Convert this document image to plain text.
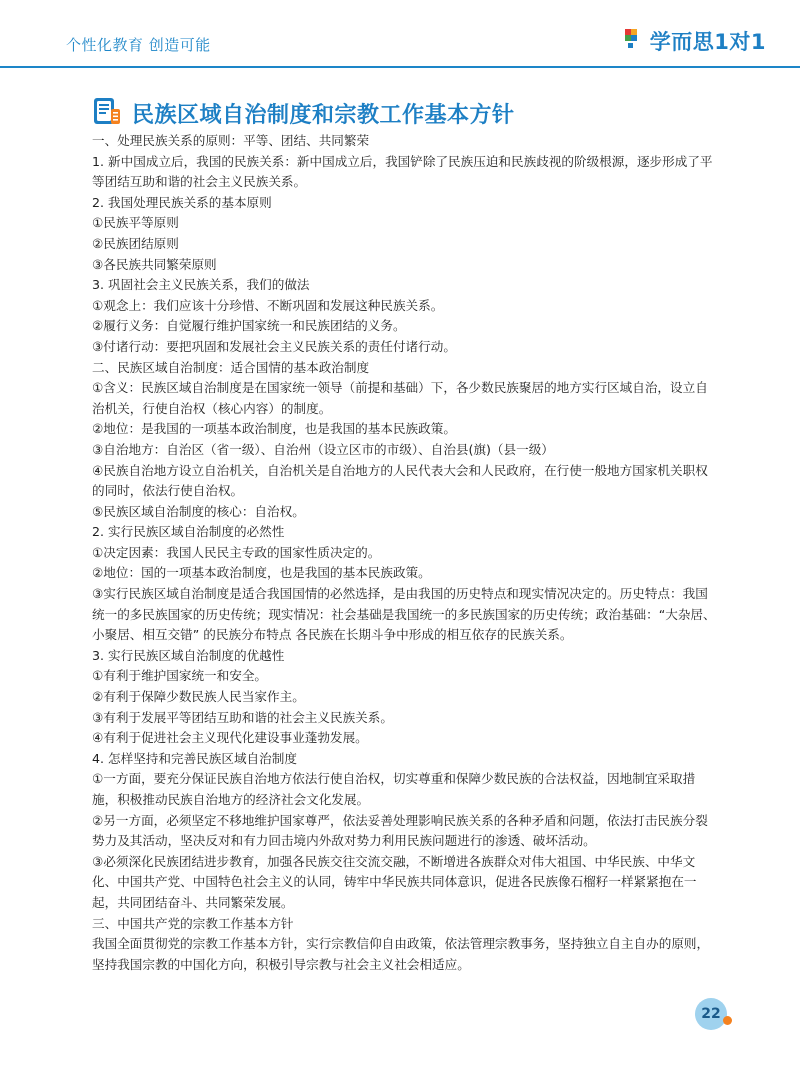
个性化教育 创造可能	学而思1对1
民族区域自治制度和宗教工作基本方针

一、处理民族关系的原则：平等、团结、共同繁荣

1. 新中国成立后，我国的民族关系：新中国成立后，我国铲除了民族压迫和民族歧视的阶级根源，逐步形成了平等团结互助和谐的社会主义民族关系。

2. 我国处理民族关系的基本原则

①民族平等原则

②民族团结原则

③各民族共同繁荣原则

3. 巩固社会主义民族关系，我们的做法

①观念上：我们应该十分珍惜、不断巩固和发展这种民族关系。

②履行义务：自觉履行维护国家统一和民族团结的义务。

③付诸行动：要把巩固和发展社会主义民族关系的责任付诸行动。

二、民族区域自治制度：适合国情的基本政治制度

①含义：民族区域自治制度是在国家统一领导（前提和基础）下，各少数民族聚居的地方实行区域自治，设立自治机关，行使自治权（核心内容）的制度。

②地位：是我国的一项基本政治制度，也是我国的基本民族政策。

③自治地方：自治区（省一级）、自治州（设立区市的市级）、自治县(旗)（县一级）

④民族自治地方设立自治机关，自治机关是自治地方的人民代表大会和人民政府，在行使一般地方国家机关职权的同时，依法行使自治权。

⑤民族区域自治制度的核心：自治权。

2. 实行民族区域自治制度的必然性

①决定因素：我国人民民主专政的国家性质决定的。

②地位：国的一项基本政治制度，也是我国的基本民族政策。

③实行民族区域自治制度是适合我国国情的必然选择，是由我国的历史特点和现实情况决定的。历史特点：我国统一的多民族国家的历史传统；现实情况：社会基础是我国统一的多民族国家的历史传统；政治基础：“大杂居、小聚居、相互交错” 的民族分布特点 各民族在长期斗争中形成的相互依存的民族关系。

3. 实行民族区域自治制度的优越性

①有利于维护国家统一和安全。

②有利于保障少数民族人民当家作主。

③有利于发展平等团结互助和谐的社会主义民族关系。

④有利于促进社会主义现代化建设事业蓬勃发展。

4. 怎样坚持和完善民族区域自治制度

①一方面，要充分保证民族自治地方依法行使自治权，切实尊重和保障少数民族的合法权益，因地制宜采取措施，积极推动民族自治地方的经济社会文化发展。

②另一方面，必须坚定不移地维护国家尊严，依法妥善处理影响民族关系的各种矛盾和问题，依法打击民族分裂势力及其活动，坚决反对和有力回击境内外敌对势力利用民族问题进行的渗透、破坏活动。

③必须深化民族团结进步教育，加强各民族交往交流交融，不断增进各族群众对伟大祖国、中华民族、中华文化、中国共产党、中国特色社会主义的认同，铸牢中华民族共同体意识，促进各民族像石榴籽一样紧紧抱在一起，共同团结奋斗、共同繁荣发展。

三、中国共产党的宗教工作基本方针

我国全面贯彻党的宗教工作基本方针，实行宗教信仰自由政策，依法管理宗教事务，坚持独立自主自办的原则，坚持我国宗教的中国化方向，积极引导宗教与社会主义社会相适应。

22
